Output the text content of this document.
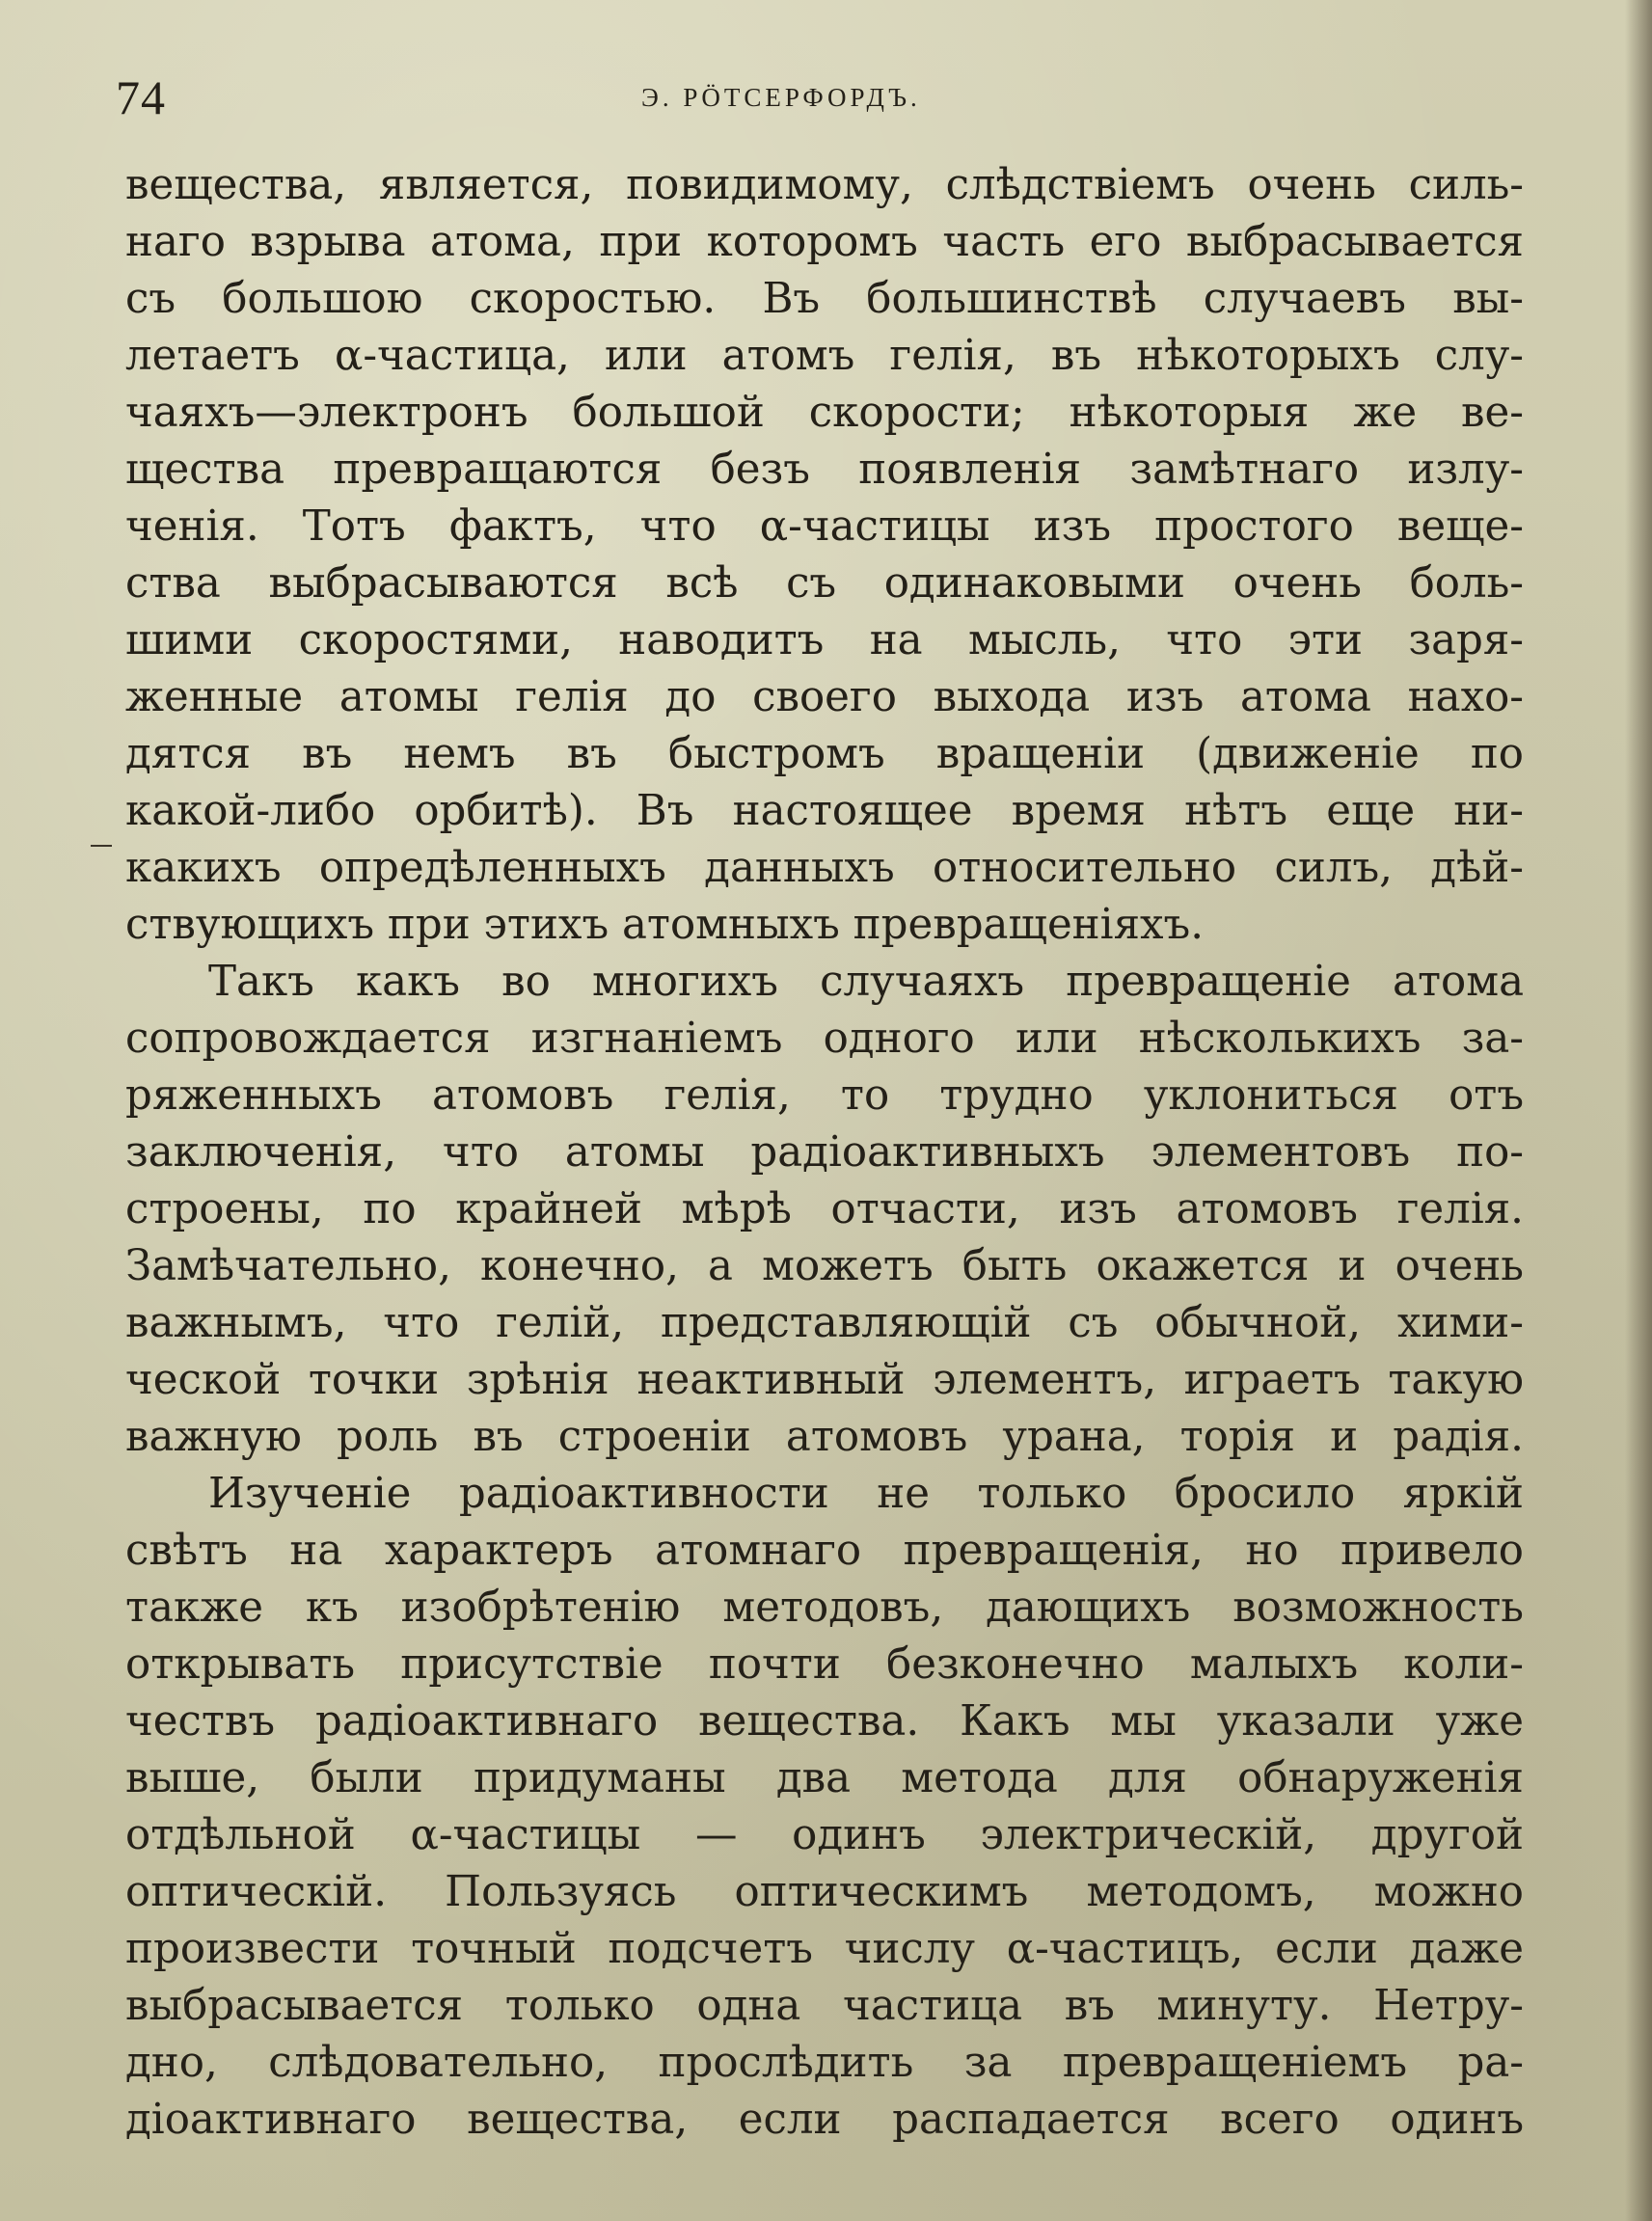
74	Э. РӦТСЕРФОРДЪ.
вещества, является, повидимому, слѣдствіемъ очень силь-
наго взрыва атома, при которомъ часть его выбрасывается
съ большою скоростью. Въ большинствѣ случаевъ вы-
летаетъ α-частица, или атомъ гелія, въ нѣкоторыхъ слу-
чаяхъ—электронъ большой скорости; нѣкоторыя же ве-
щества превращаются безъ появленія замѣтнаго излу-
ченія. Тотъ фактъ, что α-частицы изъ простого веще-
ства выбрасываются всѣ съ одинаковыми очень боль-
шими скоростями, наводитъ на мысль, что эти заря-
женные атомы гелія до своего выхода изъ атома нахо-
дятся въ немъ въ быстромъ вращеніи (движеніе по
какой-либо орбитѣ). Въ настоящее время нѣтъ еще ни-
какихъ опредѣленныхъ данныхъ относительно силъ, дѣй-
ствующихъ при этихъ атомныхъ превращеніяхъ.
Такъ какъ во многихъ случаяхъ превращеніе атома
сопровождается изгнаніемъ одного или нѣсколькихъ за-
ряженныхъ атомовъ гелія, то трудно уклониться отъ
заключенія, что атомы радіоактивныхъ элементовъ по-
строены, по крайней мѣрѣ отчасти, изъ атомовъ гелія.
Замѣчательно, конечно, а можетъ быть окажется и очень
важнымъ, что гелій, представляющій съ обычной, хими-
ческой точки зрѣнія неактивный элементъ, играетъ такую
важную роль въ строеніи атомовъ урана, торія и радія.
Изученіе радіоактивности не только бросило яркій
свѣтъ на характеръ атомнаго превращенія, но привело
также къ изобрѣтенію методовъ, дающихъ возможность
открывать присутствіе почти безконечно малыхъ коли-
чествъ радіоактивнаго вещества. Какъ мы указали уже
выше, были придуманы два метода для обнаруженія
отдѣльной α-частицы — одинъ электрическій, другой
оптическій. Пользуясь оптическимъ методомъ, можно
произвести точный подсчетъ числу α-частицъ, если даже
выбрасывается только одна частица въ минуту. Нетру-
дно, слѣдовательно, прослѣдить за превращеніемъ ра-
діоактивнаго вещества, если распадается всего одинъ
